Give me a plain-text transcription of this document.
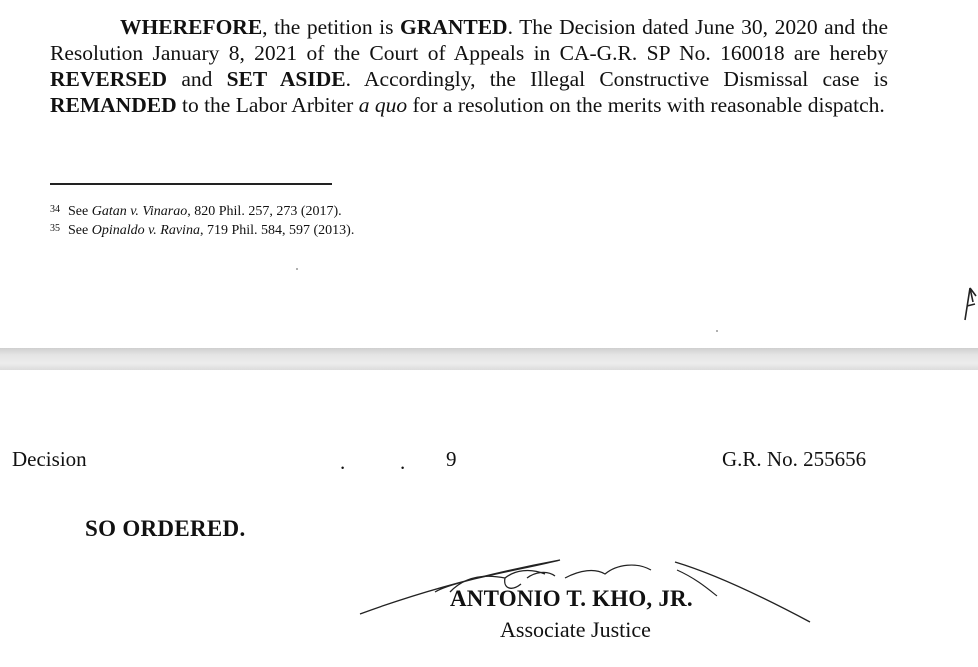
WHEREFORE, the petition is GRANTED. The Decision dated June 30, 2020 and the Resolution January 8, 2021 of the Court of Appeals in CA-G.R. SP No. 160018 are hereby REVERSED and SET ASIDE. Accordingly, the Illegal Constructive Dismissal case is REMANDED to the Labor Arbiter a quo for a resolution on the merits with reasonable dispatch.

$^{34}$ See Gatan v. Vinarao, 820 Phil. 257, 273 (2017).
$^{35}$ See Opinaldo v. Ravina, 719 Phil. 584, 597 (2013).
Decision	.	. 9	G.R. No. 255656
SO ORDERED.
ANTONIO T. KHO, JR.
Associate Justice
